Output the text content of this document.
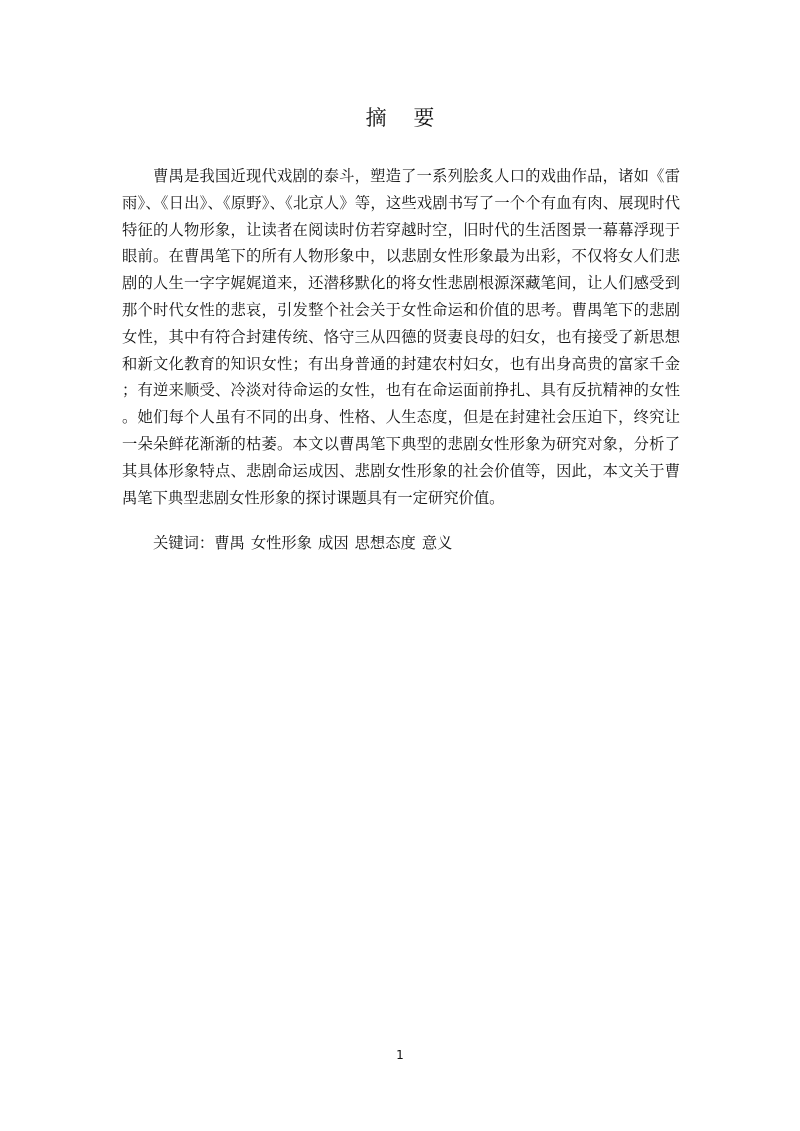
摘 要

曹禺是我国近现代戏剧的泰斗，塑造了一系列脍炙人口的戏曲作品，诸如《雷雨》、《日出》、《原野》、《北京人》等，这些戏剧书写了一个个有血有肉、展现时代特征的人物形象，让读者在阅读时仿若穿越时空，旧时代的生活图景一幕幕浮现于眼前。在曹禺笔下的所有人物形象中，以悲剧女性形象最为出彩，不仅将女人们悲剧的人生一字字娓娓道来，还潜移默化的将女性悲剧根源深藏笔间，让人们感受到那个时代女性的悲哀，引发整个社会关于女性命运和价值的思考。曹禺笔下的悲剧女性，其中有符合封建传统、恪守三从四德的贤妻良母的妇女，也有接受了新思想和新文化教育的知识女性；有出身普通的封建农村妇女，也有出身高贵的富家千金；有逆来顺受、冷淡对待命运的女性，也有在命运面前挣扎、具有反抗精神的女性。她们每个人虽有不同的出身、性格、人生态度，但是在封建社会压迫下，终究让一朵朵鲜花渐渐的枯萎。本文以曹禺笔下典型的悲剧女性形象为研究对象，分析了其具体形象特点、悲剧命运成因、悲剧女性形象的社会价值等，因此，本文关于曹禺笔下典型悲剧女性形象的探讨课题具有一定研究价值。

关键词：曹禺 女性形象 成因 思想态度 意义
1
